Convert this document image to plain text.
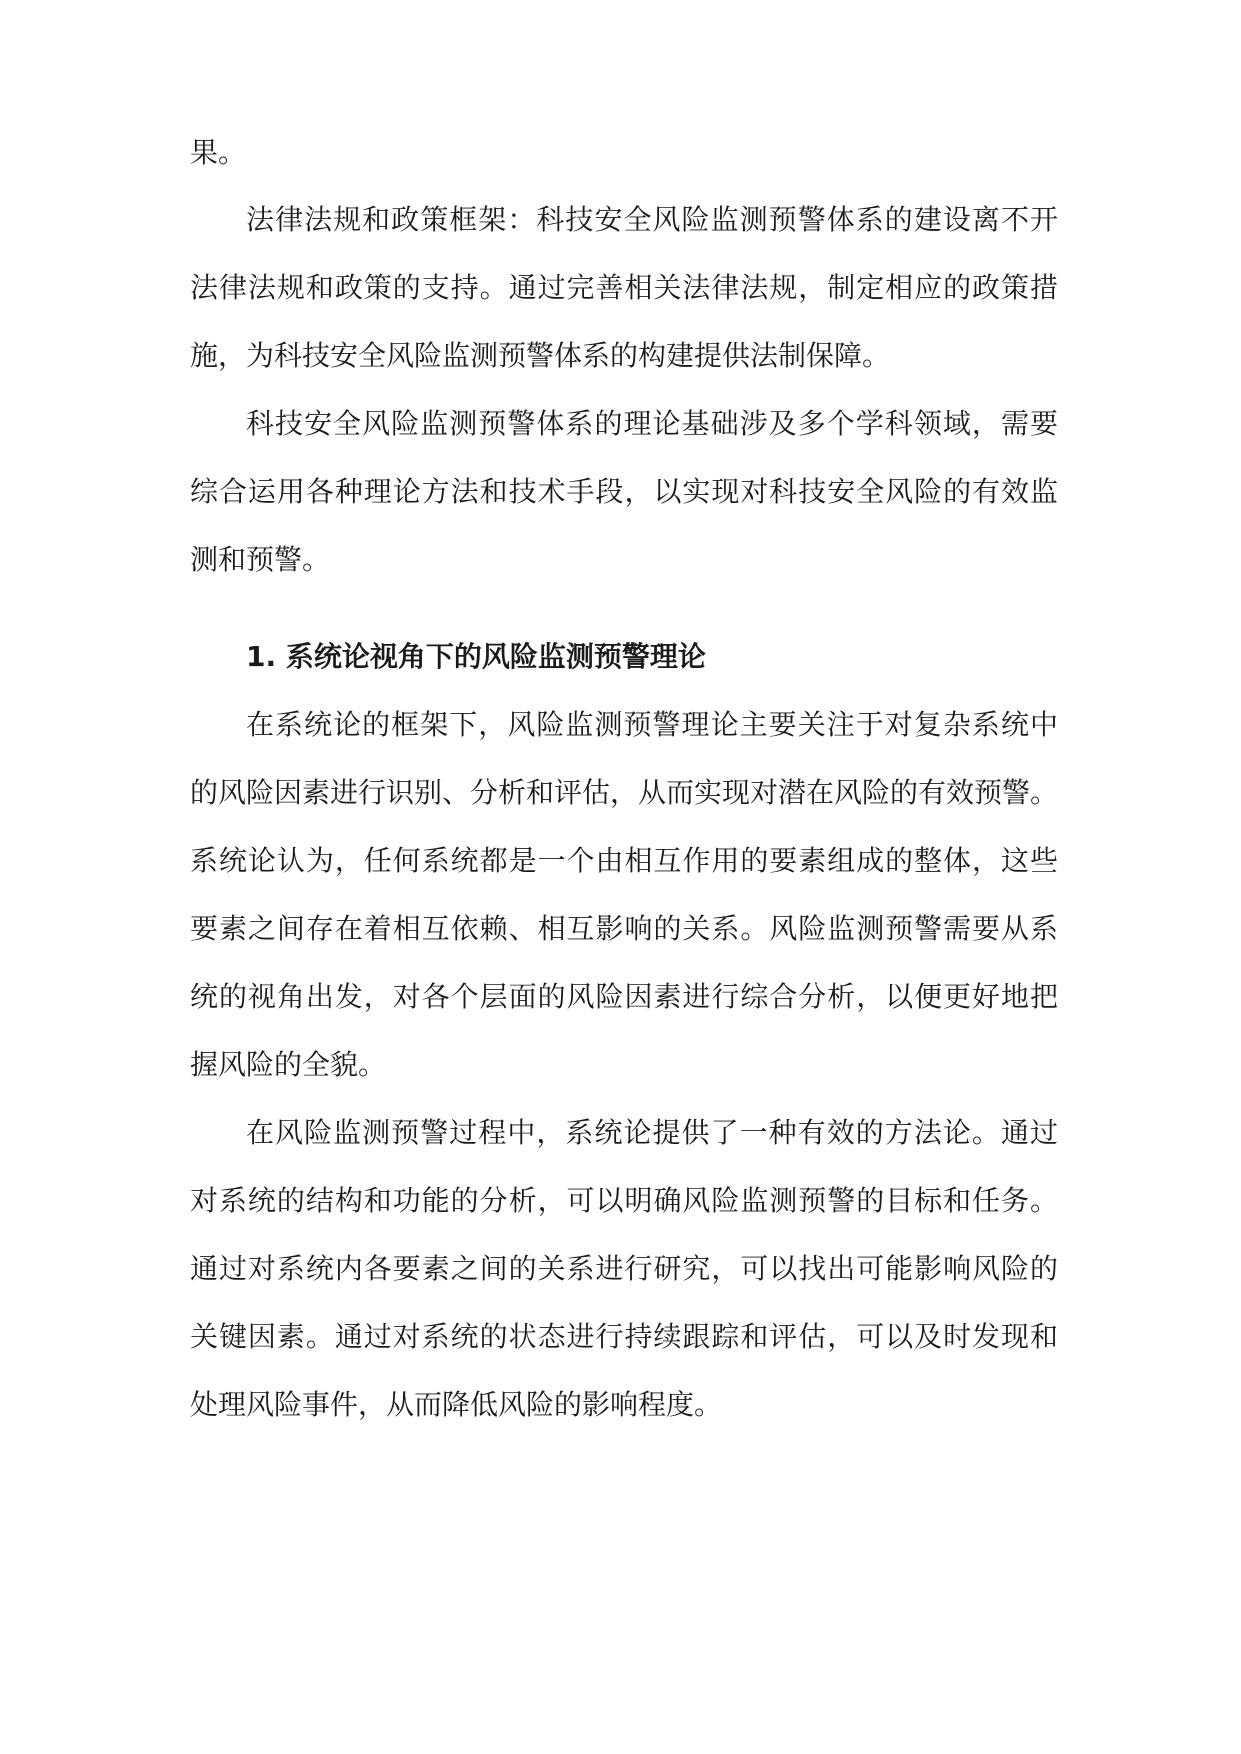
果。
法律法规和政策框架：科技安全风险监测预警体系的建设离不开
法律法规和政策的支持。通过完善相关法律法规，制定相应的政策措
施，为科技安全风险监测预警体系的构建提供法制保障。
科技安全风险监测预警体系的理论基础涉及多个学科领域，需要
综合运用各种理论方法和技术手段，以实现对科技安全风险的有效监
测和预警。
1. 系统论视角下的风险监测预警理论
在系统论的框架下，风险监测预警理论主要关注于对复杂系统中
的风险因素进行识别、分析和评估，从而实现对潜在风险的有效预警。
系统论认为，任何系统都是一个由相互作用的要素组成的整体，这些
要素之间存在着相互依赖、相互影响的关系。风险监测预警需要从系
统的视角出发，对各个层面的风险因素进行综合分析，以便更好地把
握风险的全貌。
在风险监测预警过程中，系统论提供了一种有效的方法论。通过
对系统的结构和功能的分析，可以明确风险监测预警的目标和任务。
通过对系统内各要素之间的关系进行研究，可以找出可能影响风险的
关键因素。通过对系统的状态进行持续跟踪和评估，可以及时发现和
处理风险事件，从而降低风险的影响程度。
